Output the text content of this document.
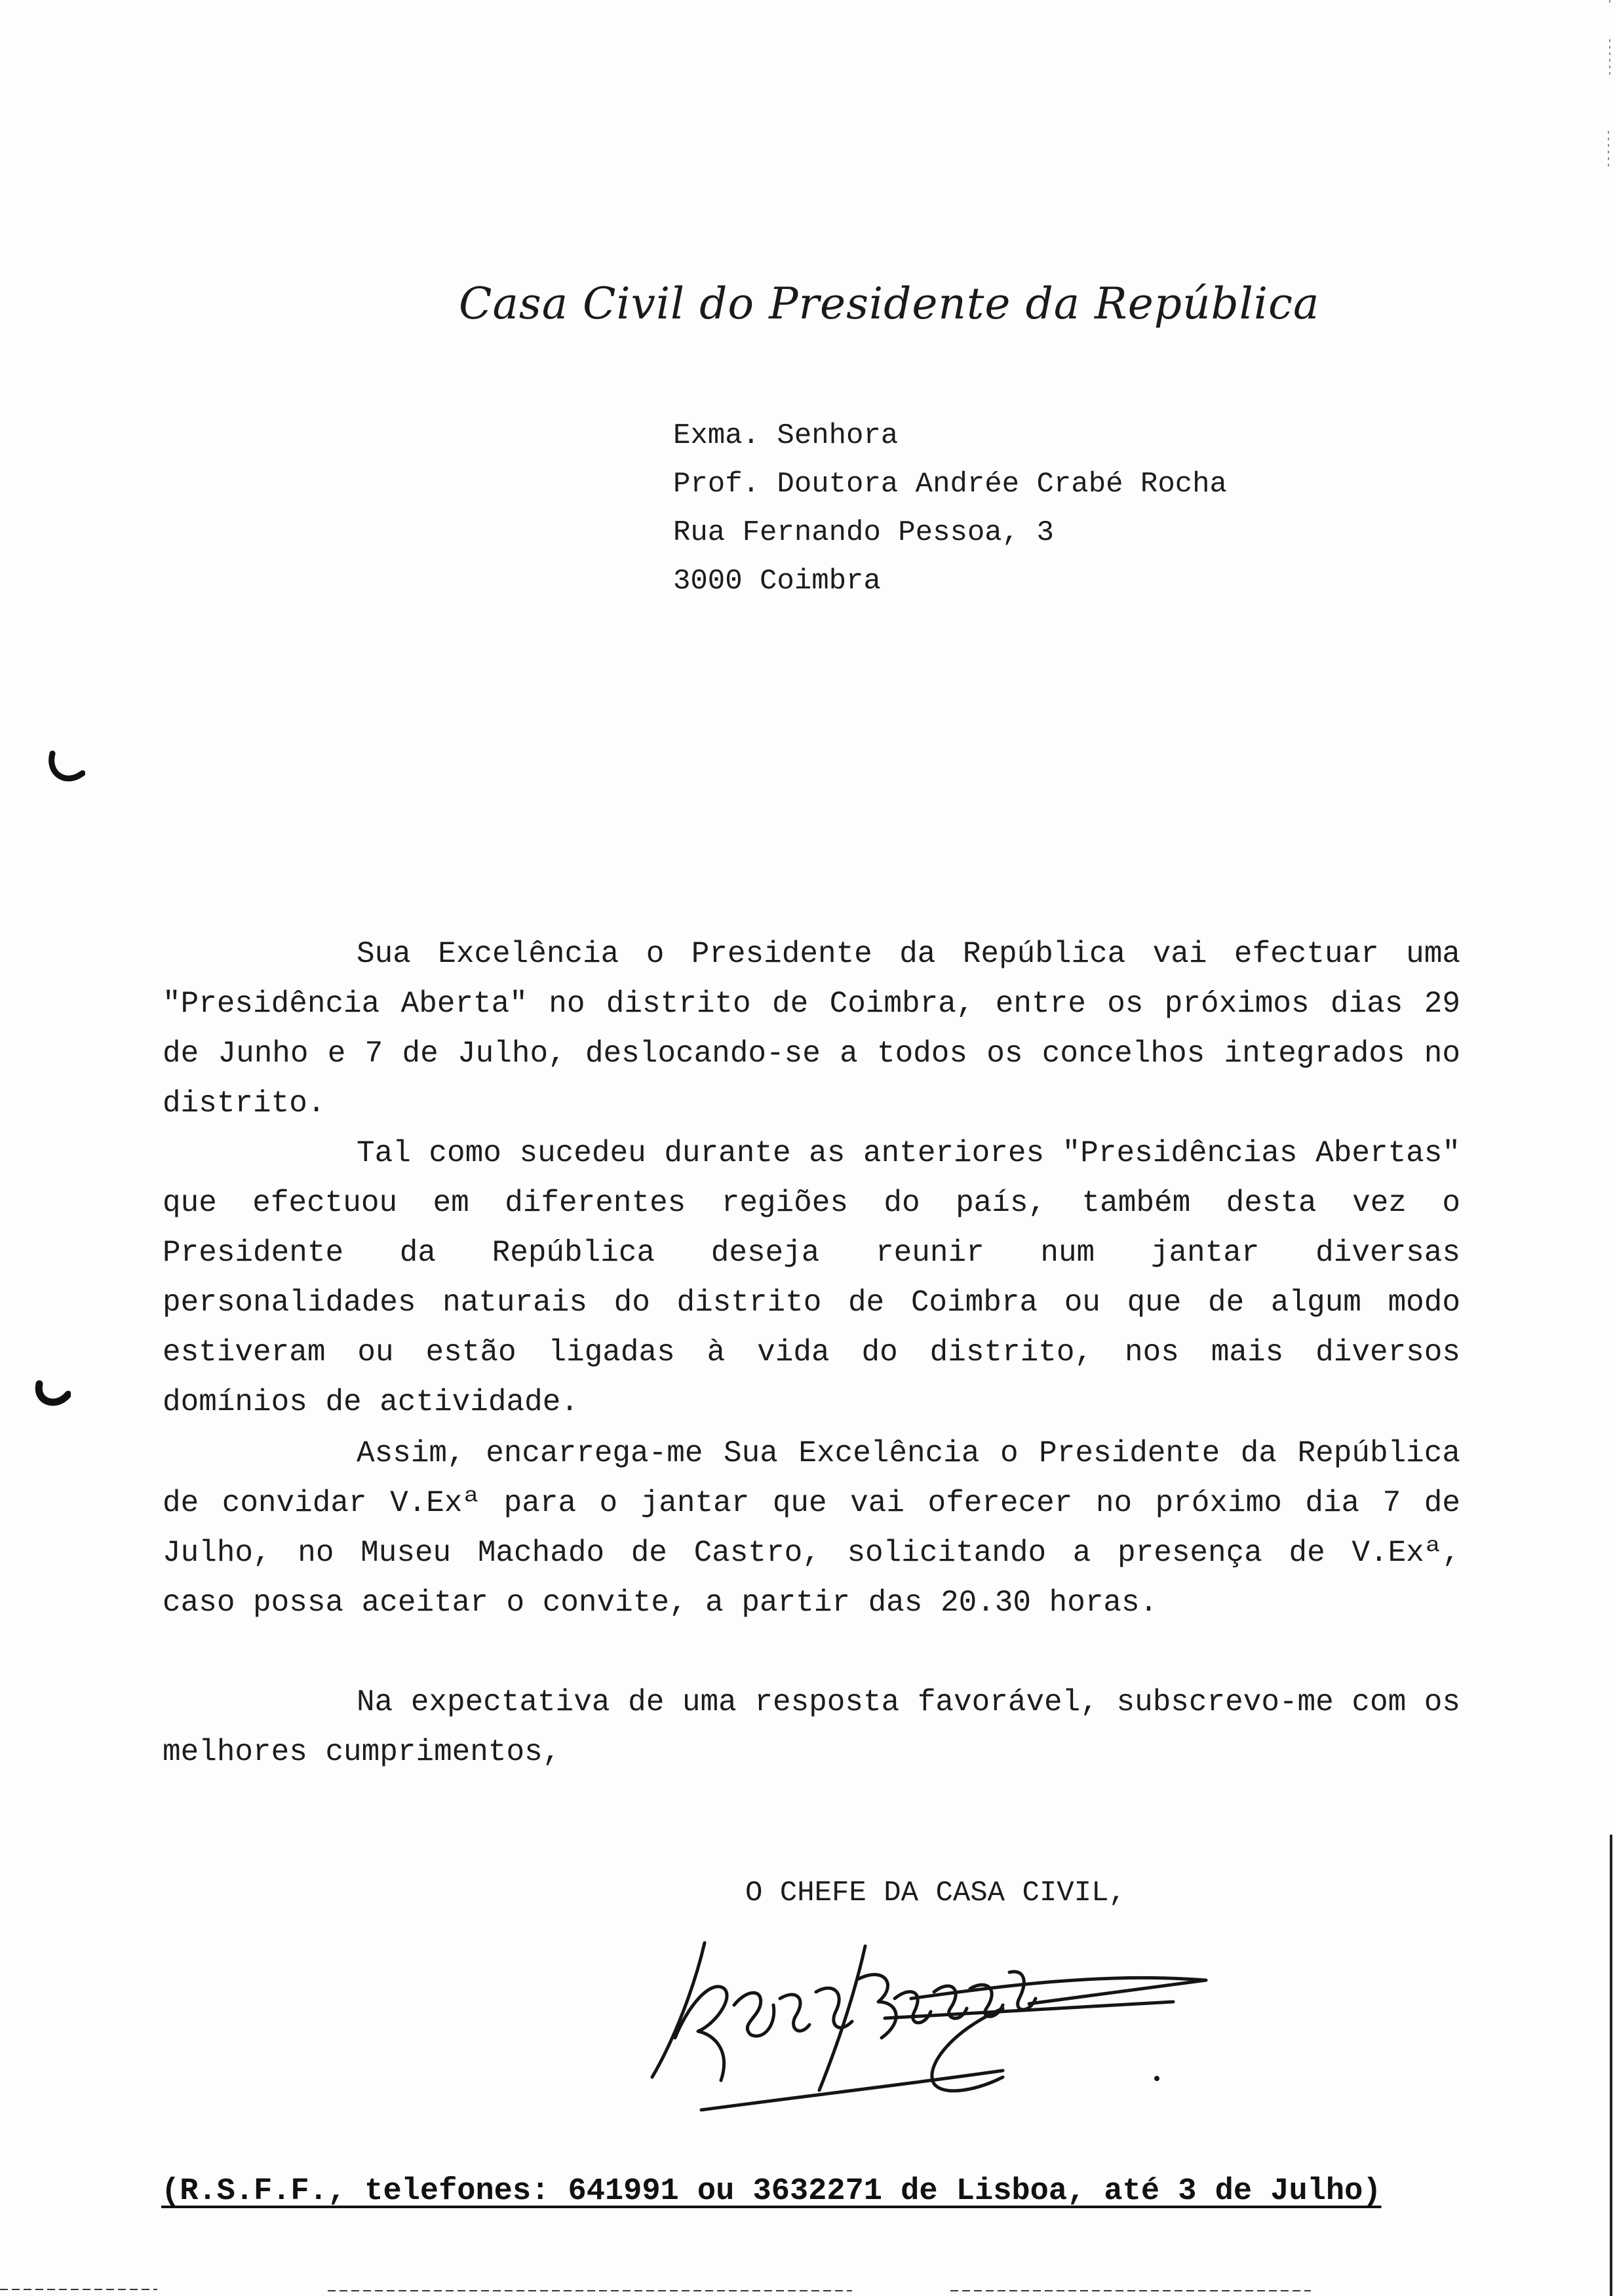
Casa Civil do Presidente da República
Exma. Senhora
Prof. Doutora Andrée Crabé Rocha
Rua Fernando Pessoa, 3
3000 Coimbra
Sua Excelência o Presidente da República vai efectuar uma "Presidência Aberta" no distrito de Coimbra, entre os próximos dias 29 de Junho e 7 de Julho, deslocando-se a todos os concelhos integrados no distrito.
Tal como sucedeu durante as anteriores "Presidências Abertas" que efectuou em diferentes regiões do país, também desta vez o Presidente da República deseja reunir num jantar diversas personalidades naturais do distrito de Coimbra ou que de algum modo estiveram ou estão ligadas à vida do distrito, nos mais diversos domínios de actividade.
Assim, encarrega-me Sua Excelência o Presidente da República de convidar V.Exª para o jantar que vai oferecer no próximo dia 7 de Julho, no Museu Machado de Castro, solicitando a presença de V.Exª, caso possa aceitar o convite, a partir das 20.30 horas.
Na expectativa de uma resposta favorável, subscrevo-me com os melhores cumprimentos,
O CHEFE DA CASA CIVIL,
(R.S.F.F., telefones: 641991 ou 3632271 de Lisboa, até 3 de Julho)
